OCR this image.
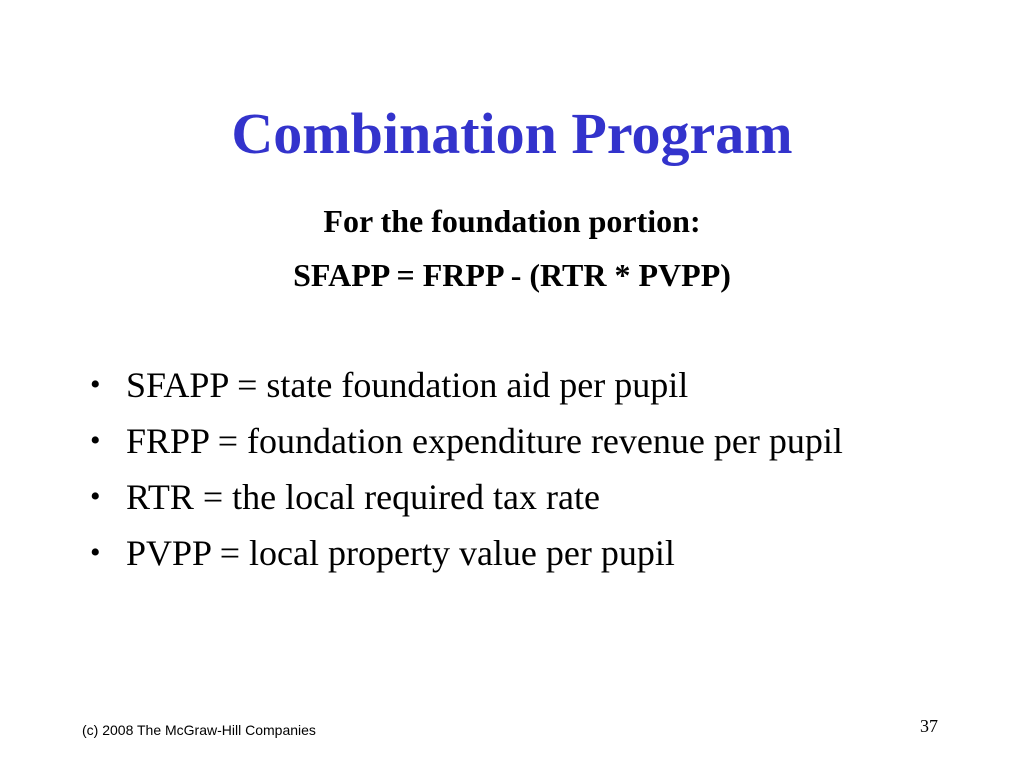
Combination Program
For the foundation portion:
SFAPP = FRPP - (RTR * PVPP)
• SFAPP = state foundation aid per pupil
• FRPP = foundation expenditure revenue per pupil
• RTR = the local required tax rate
• PVPP = local property value per pupil
(c) 2008 The McGraw-Hill Companies	37
